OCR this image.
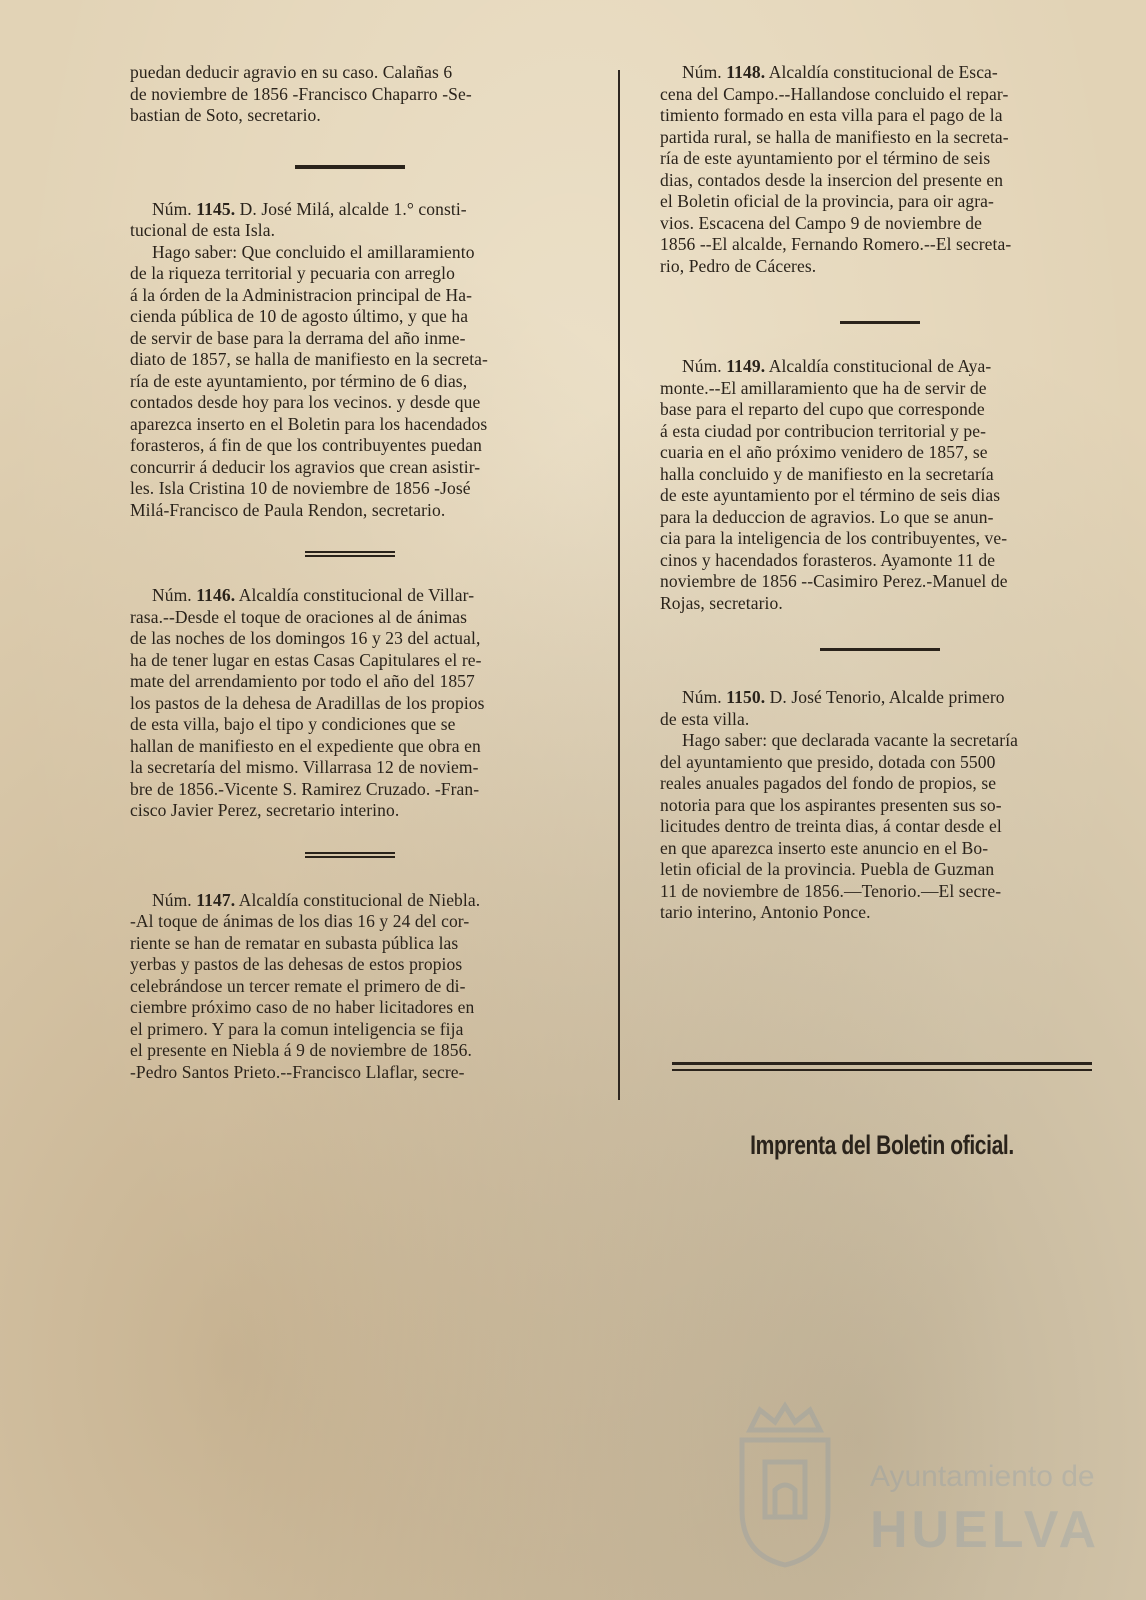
puedan deducir agravio en su caso. Calañas 6

de noviembre de 1856 -Francisco Chaparro -Se-

bastian de Soto, secretario.

Núm. 1145. D. José Milá, alcalde 1.° consti-

tucional de esta Isla.

Hago saber: Que concluido el amillaramiento

de la riqueza territorial y pecuaria con arreglo

á la órden de la Administracion principal de Ha-

cienda pública de 10 de agosto último, y que ha

de servir de base para la derrama del año inme-

diato de 1857, se halla de manifiesto en la secreta-

ría de este ayuntamiento, por término de 6 dias,

contados desde hoy para los vecinos. y desde que

aparezca inserto en el Boletin para los hacendados

forasteros, á fin de que los contribuyentes puedan

concurrir á deducir los agravios que crean asistir-

les. Isla Cristina 10 de noviembre de 1856 -José

Milá-Francisco de Paula Rendon, secretario.

Núm. 1146. Alcaldía constitucional de Villar-

rasa.--Desde el toque de oraciones al de ánimas

de las noches de los domingos 16 y 23 del actual,

ha de tener lugar en estas Casas Capitulares el re-

mate del arrendamiento por todo el año del 1857

los pastos de la dehesa de Aradillas de los propios

de esta villa, bajo el tipo y condiciones que se

hallan de manifiesto en el expediente que obra en

la secretaría del mismo. Villarrasa 12 de noviem-

bre de 1856.-Vicente S. Ramirez Cruzado. -Fran-

cisco Javier Perez, secretario interino.

Núm. 1147. Alcaldía constitucional de Niebla.

-Al toque de ánimas de los dias 16 y 24 del cor-

riente se han de rematar en subasta pública las

yerbas y pastos de las dehesas de estos propios

celebrándose un tercer remate el primero de di-

ciembre próximo caso de no haber licitadores en

el primero. Y para la comun inteligencia se fija

el presente en Niebla á 9 de noviembre de 1856.

-Pedro Santos Prieto.--Francisco Llaflar, secre-

Núm. 1148. Alcaldía constitucional de Esca-

cena del Campo.--Hallandose concluido el repar-

timiento formado en esta villa para el pago de la

partida rural, se halla de manifiesto en la secreta-

ría de este ayuntamiento por el término de seis

dias, contados desde la insercion del presente en

el Boletin oficial de la provincia, para oir agra-

vios. Escacena del Campo 9 de noviembre de

1856 --El alcalde, Fernando Romero.--El secreta-

rio, Pedro de Cáceres.

Núm. 1149. Alcaldía constitucional de Aya-

monte.--El amillaramiento que ha de servir de

base para el reparto del cupo que corresponde

á esta ciudad por contribucion territorial y pe-

cuaria en el año próximo venidero de 1857, se

halla concluido y de manifiesto en la secretaría

de este ayuntamiento por el término de seis dias

para la deduccion de agravios. Lo que se anun-

cia para la inteligencia de los contribuyentes, ve-

cinos y hacendados forasteros. Ayamonte 11 de

noviembre de 1856 --Casimiro Perez.-Manuel de

Rojas, secretario.

Núm. 1150. D. José Tenorio, Alcalde primero

de esta villa.

Hago saber: que declarada vacante la secretaría

del ayuntamiento que presido, dotada con 5500

reales anuales pagados del fondo de propios, se

notoria para que los aspirantes presenten sus so-

licitudes dentro de treinta dias, á contar desde el

en que aparezca inserto este anuncio en el Bo-

letin oficial de la provincia. Puebla de Guzman

11 de noviembre de 1856.—Tenorio.—El secre-

tario interino, Antonio Ponce.

Imprenta del Boletin oficial.
Ayuntamiento de
HUELVA
